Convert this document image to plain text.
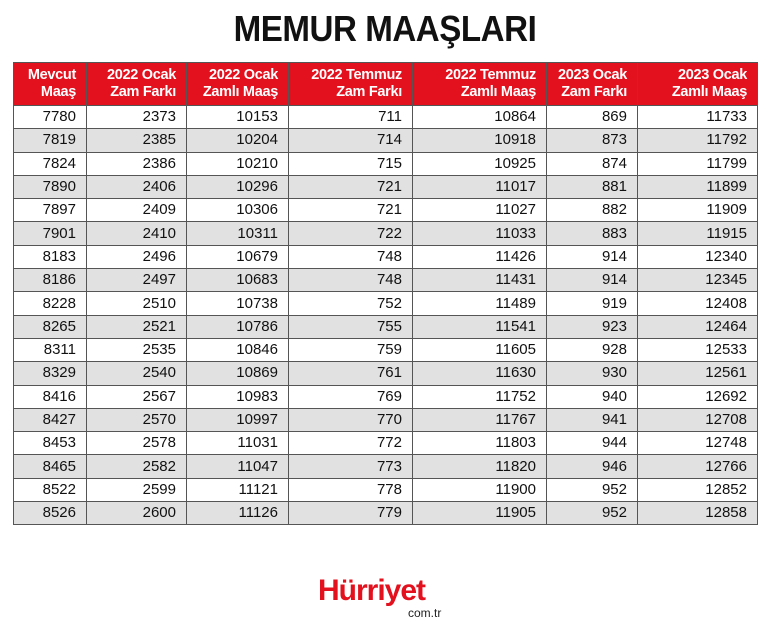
MEMUR MAAŞLARI
Mevcut
Maaş

2022 Ocak
Zam Farkı

2022 Ocak
Zamlı Maaş

2022 Temmuz
Zam Farkı

2022 Temmuz
Zamlı Maaş

2023 Ocak
Zam Farkı

2023 Ocak
Zamlı Maaş

7780	2373	10153	711	10864	869	11733
7819	2385	10204	714	10918	873	11792
7824	2386	10210	715	10925	874	11799
7890	2406	10296	721	11017	881	11899
7897	2409	10306	721	11027	882	11909
7901	2410	10311	722	11033	883	11915
8183	2496	10679	748	11426	914	12340
8186	2497	10683	748	11431	914	12345
8228	2510	10738	752	11489	919	12408
8265	2521	10786	755	11541	923	12464
8311	2535	10846	759	11605	928	12533
8329	2540	10869	761	11630	930	12561
8416	2567	10983	769	11752	940	12692
8427	2570	10997	770	11767	941	12708
8453	2578	11031	772	11803	944	12748
8465	2582	11047	773	11820	946	12766
8522	2599	11121	778	11900	952	12852
8526	2600	11126	779	11905	952	12858
Hürriyet
com.tr
